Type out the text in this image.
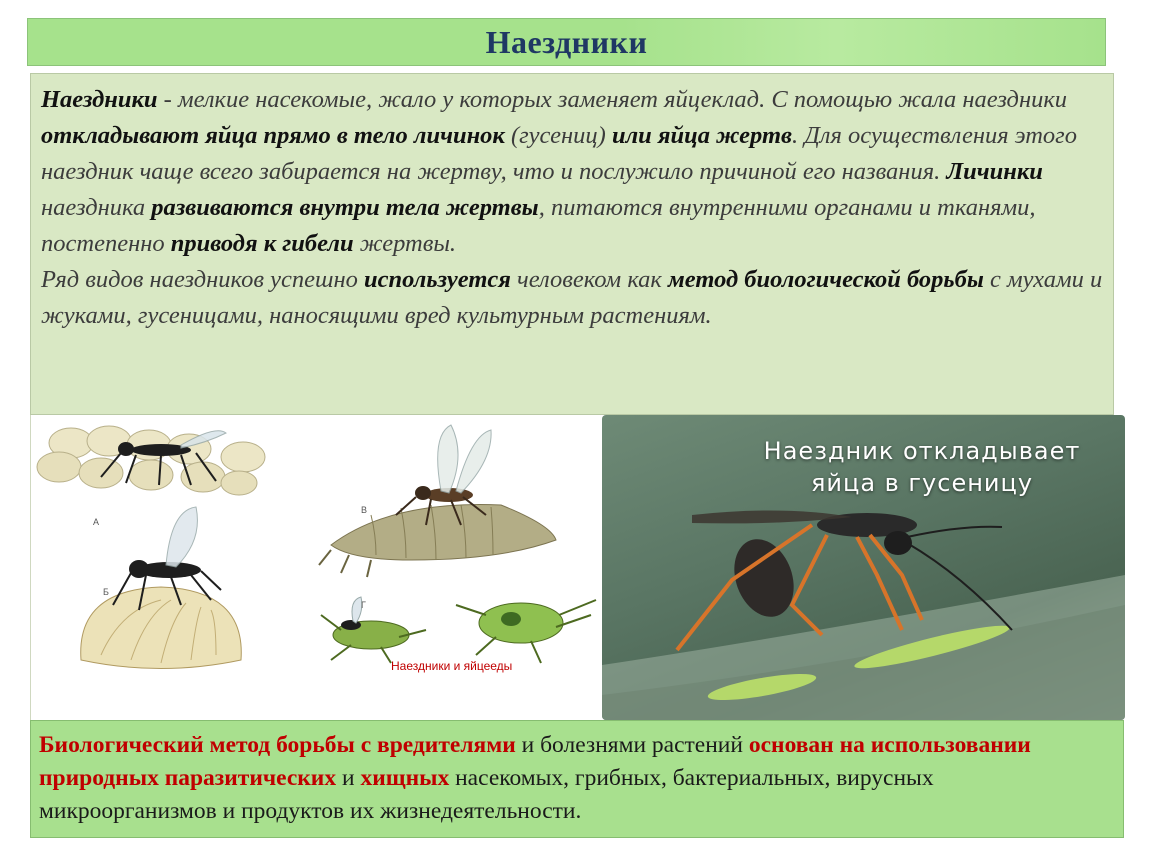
Наездники

Наездники - мелкие насекомые, жало у которых заменяет яйцеклад. С помощью жала наездники откладывают яйца прямо в тело личинок (гусениц) или яйца жертв. Для осуществления этого наездник чаще всего забирается на жертву, что и послужило причиной его названия. Личинки наездника развиваются внутри тела жертвы, питаются внутренними органами и тканями, постепенно приводя к гибели жертвы.

Ряд видов наездников успешно используется человеком как метод биологической борьбы с мухами и жуками, гусеницами, наносящими вред культурным растениям.

А
Б
В
Г
Наездники и яйцееды
Наездник откладывает
яйца в гусеницу

Биологический метод борьбы с вредителями и болезнями растений основан на использовании природных паразитических и хищных насекомых, грибных, бактериальных, вирусных микроорганизмов и продуктов их жизнедеятельности.
